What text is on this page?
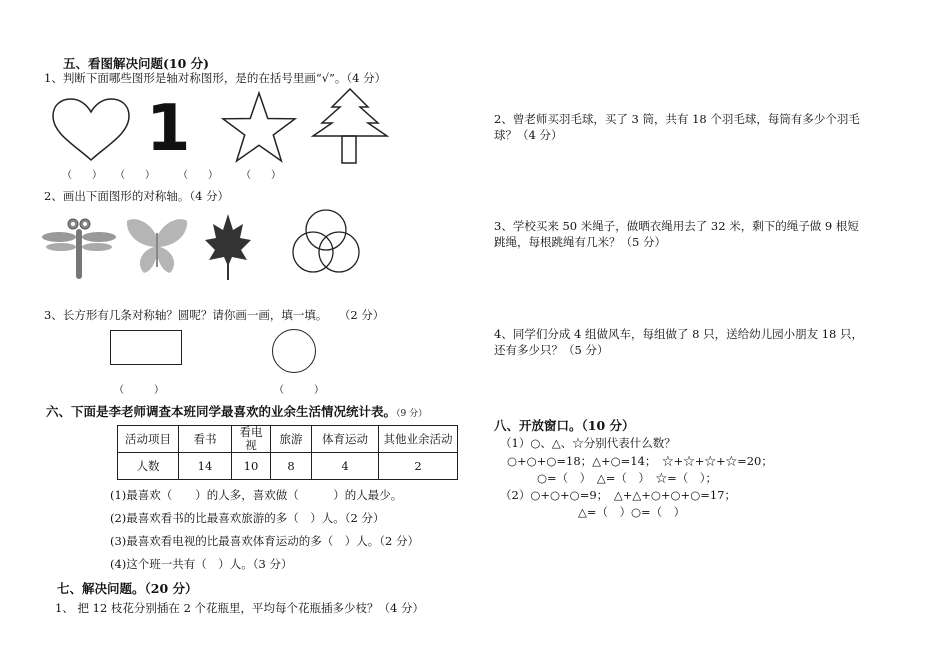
五、看图解决问题(10 分)
1、判断下面哪些图形是轴对称图形，是的在括号里画“√”。（4 分）
1
（　　） （　　） （　　） （　　）
2、画出下面图形的对称轴。（4 分）
3、长方形有几条对称轴？圆呢？请你画一画，填一填。　　（2 分）
（　　　）	（　　　）
六、下面是李老师调查本班同学最喜欢的业余生活情况统计表。（9 分）
活动项目	看书	看电视	旅游	体育运动	其他业余活动
人数	14	10	8	4	2
(1)最喜欢（　　）的人多，喜欢做（　　　）的人最少。
(2)最喜欢看书的比最喜欢旅游的多（　）人。（2 分）
(3)最喜欢看电视的比最喜欢体育运动的多（　）人。（2 分）
(4)这个班一共有（　）人。（3 分）
七、解决问题。（20 分）
1、 把 12 枝花分别插在 2 个花瓶里，平均每个花瓶插多少枝？（4 分）
2、曾老师买羽毛球，买了 3 筒，共有 18 个羽毛球，每筒有多少个羽毛
球？（4 分）
3、学校买来 50 米绳子，做晒衣绳用去了 32 米，剩下的绳子做 9 根短
跳绳，每根跳绳有几米？（5 分）
4、同学们分成 4 组做风车，每组做了 8 只，送给幼儿园小朋友 18 只，
还有多少只？（5 分）
八、开放窗口。（10 分）
（1）○、△、☆分别代表什么数？
○+○+○=18；△+○=14；　☆+☆+☆+☆=20；
○=（　）　△=（　）　☆=（　）；
（2）○+○+○=9；　△+△+○+○+○=17；
△=（　）○=（　）
